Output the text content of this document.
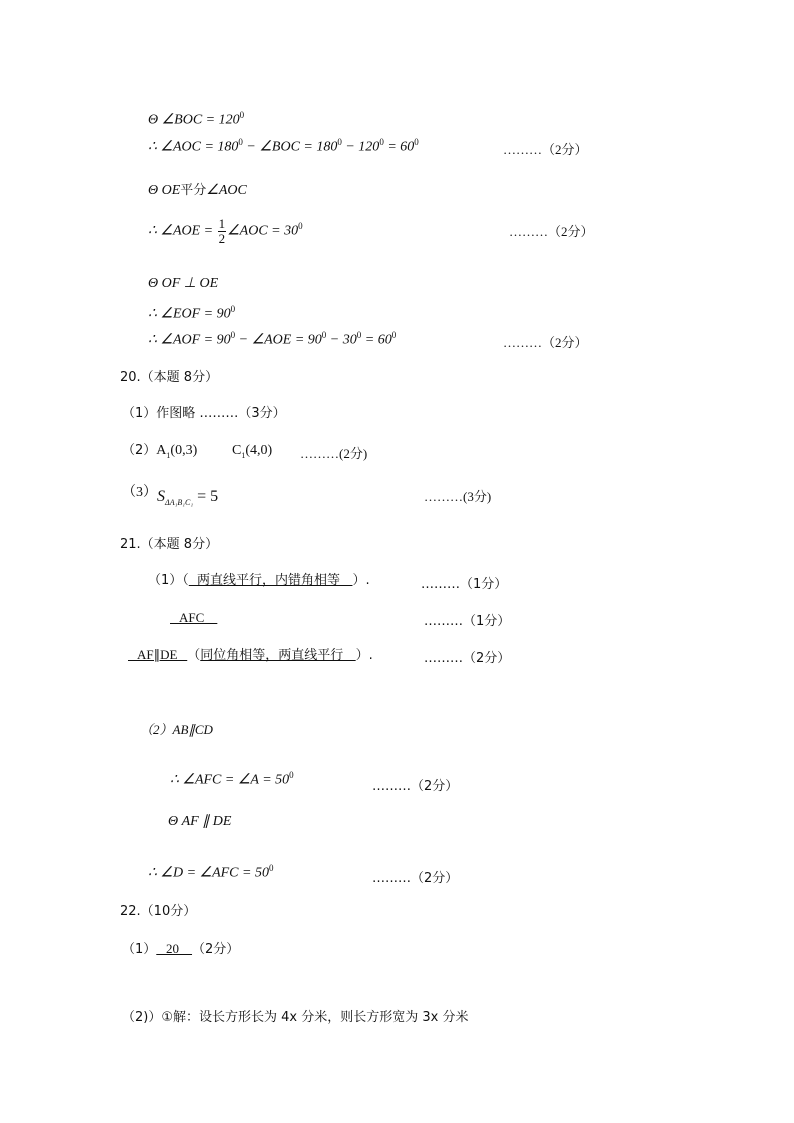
Θ ∠BOC = $120^0$
∴ ∠AOC = $180^0$ − ∠BOC = $180^0 - 120^0 = 60^0$	………（2分）
Θ OE平分∠AOC
∴ ∠AOE = $\frac{1}{2}$ ∠AOC = $30^0$	………（2分）
Θ OF ⊥ OE
∴ ∠EOF = $90^0$
∴ ∠AOF = $90^0$ − ∠AOE = $90^0 - 30^0 = 60^0$	………（2分）
20.（本题 8分）
（1）作图略 ………（3分）
$(2)A_1(0,3)$ $C_1(4,0)$ ………(2分)
（3） $S_{\Delta A_1B_1C_1} = 5$	………(3分)
21.（本题 8分）
（1）（  两直线平行，内错角相等   ）.	………（1分）
AFC	………（1分）
AF∥DE   （同位角相等，两直线平行   ）.	………（2分）
（2）AB∥CD
∴ ∠AFC = ∠A = $50^0$
………（2分）
Θ AF ∥ DE
∴ ∠D = ∠AFC = $50^0$
………（2分）
22.（10分）
（1）   20    （2分）
（2)）①解：设长方形长为 4x 分米，则长方形宽为 3x 分米
